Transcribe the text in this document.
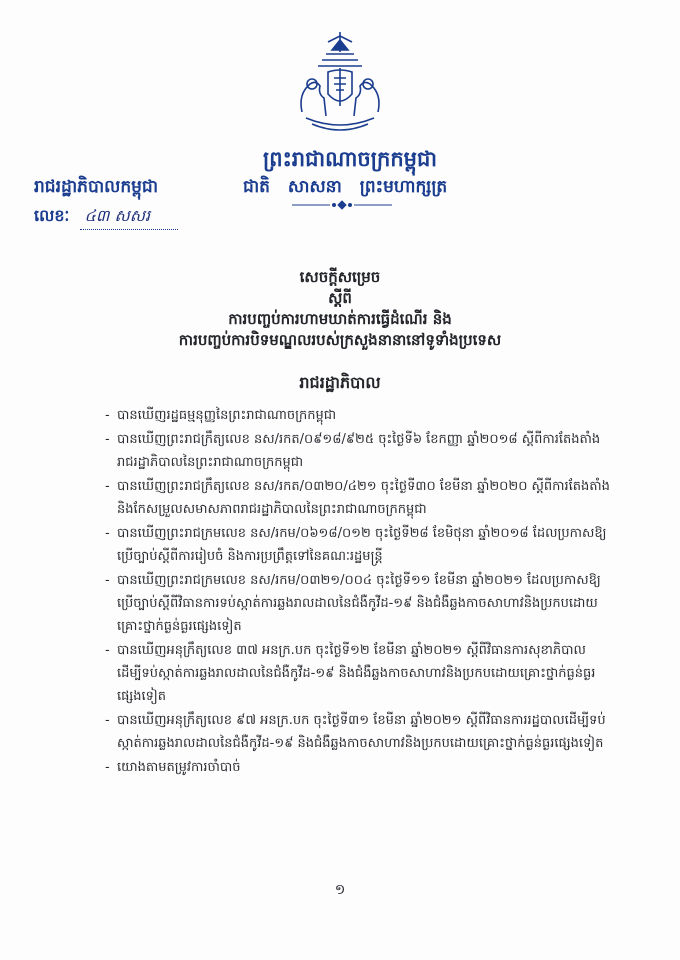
ព្រះរាជាណាចក្រកម្ពុជា
រាជរដ្ឋាភិបាលកម្ពុជា	ជាតិ សាសនា ព្រះមហាក្សត្រ
លេខៈ ៤៣ សសរ
សេចក្តីសម្រេច
ស្តីពី
ការបញ្ចប់ការហាមឃាត់ការធ្វើដំណើរ និង
ការបញ្ចប់ការបិទមណ្ឌលរបស់ក្រសួងនានានៅទូទាំងប្រទេស
រាជរដ្ឋាភិបាល
- បានឃើញរដ្ឋធម្មនុញ្ញនៃព្រះរាជាណាចក្រកម្ពុជា
- បានឃើញព្រះរាជក្រឹត្យលេខ នស/រកត/០៩១៨/៩២៥ ចុះថ្ងៃទី៦ ខែកញ្ញា ឆ្នាំ២០១៨ ស្តីពីការតែងតាំងរាជរដ្ឋាភិបាលនៃព្រះរាជាណាចក្រកម្ពុជា
- បានឃើញព្រះរាជក្រឹត្យលេខ នស/រកត/០៣២០/៤២១ ចុះថ្ងៃទី៣០ ខែមីនា ឆ្នាំ២០២០ ស្តីពីការតែងតាំង និងកែសម្រួលសមាសភាពរាជរដ្ឋាភិបាលនៃព្រះរាជាណាចក្រកម្ពុជា
- បានឃើញព្រះរាជក្រមលេខ នស/រកម/០៦១៨/០១២ ចុះថ្ងៃទី២៨ ខែមិថុនា ឆ្នាំ២០១៨ ដែលប្រកាសឱ្យប្រើច្បាប់ស្តីពីការរៀបចំ និងការប្រព្រឹត្តទៅនៃគណៈរដ្ឋមន្ត្រី
- បានឃើញព្រះរាជក្រមលេខ នស/រកម/០៣២១/០០៤ ចុះថ្ងៃទី១១ ខែមីនា ឆ្នាំ២០២១ ដែលប្រកាសឱ្យប្រើច្បាប់ស្តីពីវិធានការទប់ស្កាត់ការឆ្លងរាលដាលនៃជំងឺកូវីដ-១៩ និងជំងឺឆ្លងកាចសាហាវនិងប្រកបដោយគ្រោះថ្នាក់ធ្ងន់ធ្ងរផ្សេងទៀត
- បានឃើញអនុក្រឹត្យលេខ ៣៧ អនក្រ.បក ចុះថ្ងៃទី១២ ខែមីនា ឆ្នាំ២០២១ ស្តីពីវិធានការសុខាភិបាលដើម្បីទប់ស្កាត់ការឆ្លងរាលដាលនៃជំងឺកូវីដ-១៩ និងជំងឺឆ្លងកាចសាហាវនិងប្រកបដោយគ្រោះថ្នាក់ធ្ងន់ធ្ងរផ្សេងទៀត
- បានឃើញអនុក្រឹត្យលេខ ៩៧ អនក្រ.បក ចុះថ្ងៃទី៣១ ខែមីនា ឆ្នាំ២០២១ ស្តីពីវិធានការរដ្ឋបាលដើម្បីទប់ស្កាត់ការឆ្លងរាលដាលនៃជំងឺកូវីដ-១៩ និងជំងឺឆ្លងកាចសាហាវនិងប្រកបដោយគ្រោះថ្នាក់ធ្ងន់ធ្ងរផ្សេងទៀត
- យោងតាមតម្រូវការចាំបាច់
១
